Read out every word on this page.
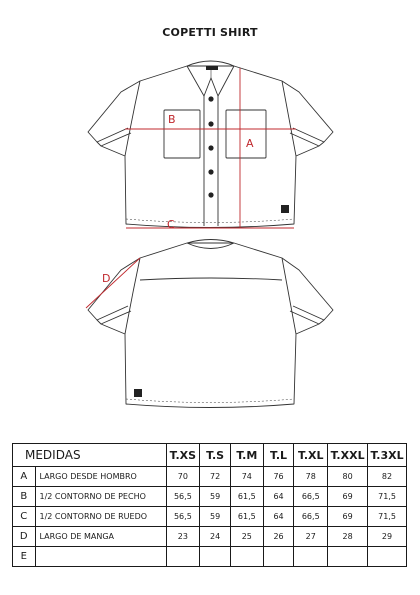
COPETTI SHIRT
A
B
C
D
MEDIDAS		T.XS	T.S	T.M	T.L	T.XL	T.XXL	T.3XL
A	LARGO DESDE HOMBRO	70	72	74	76	78	80	82
B	1/2 CONTORNO DE PECHO	56,5	59	61,5	64	66,5	69	71,5
C	1/2 CONTORNO DE RUEDO	56,5	59	61,5	64	66,5	69	71,5
D	LARGO DE MANGA	23	24	25	26	27	28	29
E								
